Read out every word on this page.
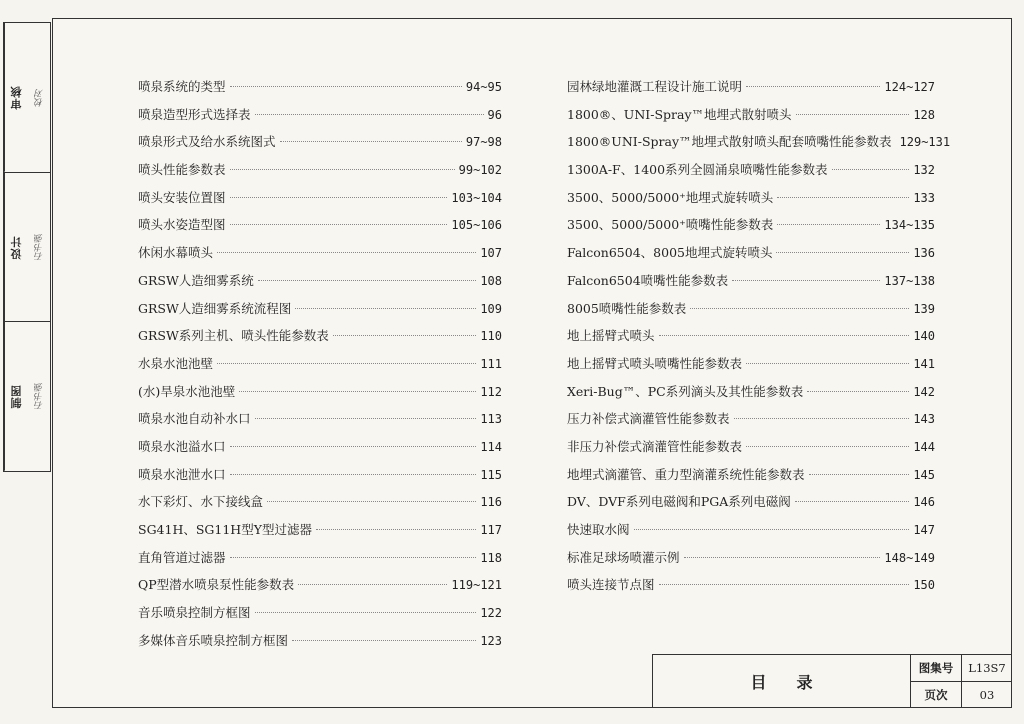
审核	校对
设计	石书强
制图	石书强
喷泉系统的类型	94~95
喷泉造型形式选择表	96
喷泉形式及给水系统图式	97~98
喷头性能参数表	99~102
喷头安装位置图	103~104
喷头水姿造型图	105~106
休闲水幕喷头	107
GRSW人造细雾系统	108
GRSW人造细雾系统流程图	109
GRSW系列主机、喷头性能参数表	110
水泉水池池壁	111
(水)旱泉水池池壁	112
喷泉水池自动补水口	113
喷泉水池溢水口	114
喷泉水池泄水口	115
水下彩灯、水下接线盒	116
SG41H、SG11H型Y型过滤器	117
直角管道过滤器	118
QP型潜水喷泉泵性能参数表	119~121
音乐喷泉控制方框图	122
多媒体音乐喷泉控制方框图	123
园林绿地灌溉工程设计施工说明	124~127
1800®、UNI-Spray™地埋式散射喷头	128
1800®UNI-Spray™地埋式散射喷头配套喷嘴性能参数表 129~131
1300A-F、1400系列全圆涌泉喷嘴性能参数表	132
3500、5000/5000⁺地埋式旋转喷头	133
3500、5000/5000⁺喷嘴性能参数表	134~135
Falcon6504、8005地埋式旋转喷头	136
Falcon6504喷嘴性能参数表	137~138
8005喷嘴性能参数表	139
地上摇臂式喷头	140
地上摇臂式喷头喷嘴性能参数表	141
Xeri-Bug™、PC系列滴头及其性能参数表	142
压力补偿式滴灌管性能参数表	143
非压力补偿式滴灌管性能参数表	144
地埋式滴灌管、重力型滴灌系统性能参数表	145
DV、DVF系列电磁阀和PGA系列电磁阀	146
快速取水阀	147
标准足球场喷灌示例	148~149
喷头连接节点图	150
目录
图集号	L13S7
页次	03
